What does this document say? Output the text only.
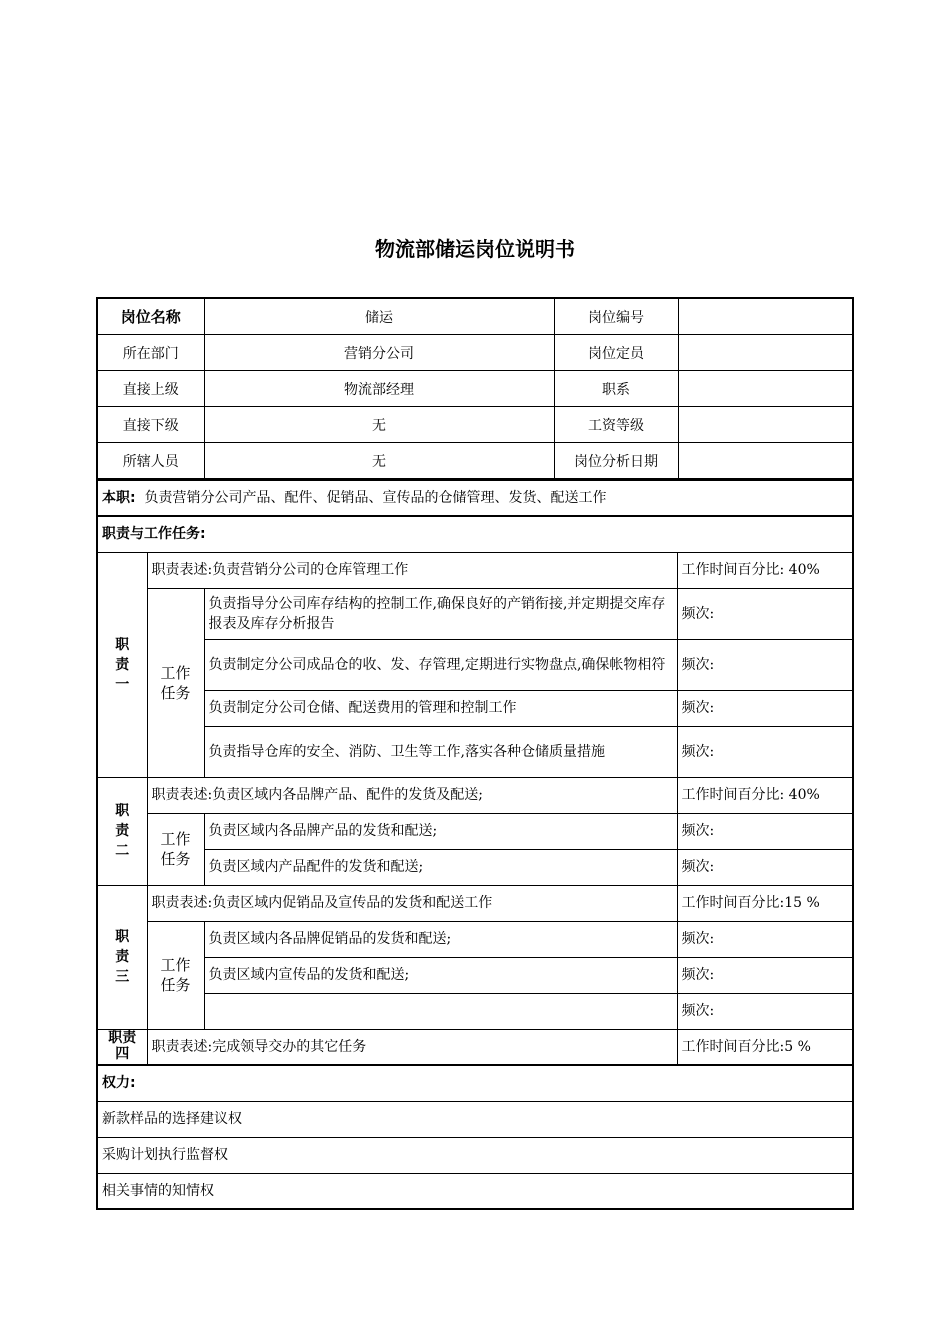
物流部储运岗位说明书
岗位名称	储运	岗位编号	
所在部门	营销分公司	岗位定员	
直接上级	物流部经理	职系	
直接下级	无	工资等级	
所辖人员	无	岗位分析日期	
本职: 负责营销分公司产品、配件、促销品、宣传品的仓储管理、发货、配送工作			
职责与工作任务:			
职责一	职责表述:负责营销分公司的仓库管理工作		工作时间百分比: 40%
	工作任务	负责指导分公司库存结构的控制工作,确保良好的产销衔接,并定期提交库存报表及库存分析报告	频次:
		负责制定分公司成品仓的收、发、存管理,定期进行实物盘点,确保帐物相符	频次:
		负责制定分公司仓储、配送费用的管理和控制工作	频次:
		负责指导仓库的安全、消防、卫生等工作,落实各种仓储质量措施	频次:
职责二	职责表述:负责区域内各品牌产品、配件的发货及配送;		工作时间百分比: 40%
	工作任务	负责区域内各品牌产品的发货和配送;	频次:
		负责区域内产品配件的发货和配送;	频次:
职责三	职责表述:负责区域内促销品及宣传品的发货和配送工作		工作时间百分比:15 %
	工作任务	负责区域内各品牌促销品的发货和配送;	频次:
		负责区域内宣传品的发货和配送;	频次:
			频次:
职责四	职责表述:完成领导交办的其它任务		工作时间百分比:5 %
权力:			
新款样品的选择建议权			
采购计划执行监督权			
相关事情的知情权			
